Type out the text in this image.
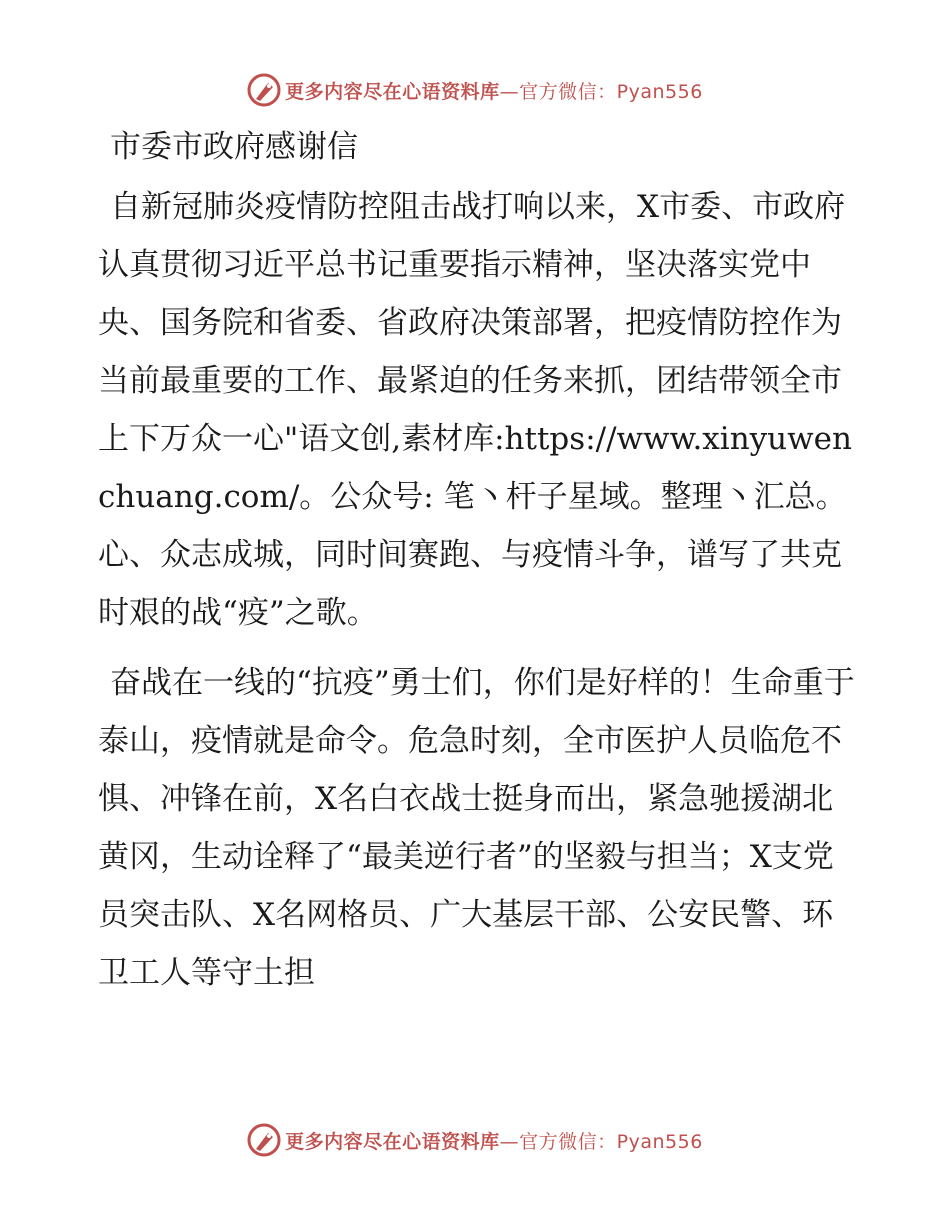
更多内容尽在心语资料库—官方微信：Pyan556
市委市政府感谢信

自新冠肺炎疫情防控阻击战打响以来，X市委、市政府认真贯彻习近平总书记重要指示精神，坚决落实党中央、国务院和省委、省政府决策部署，把疫情防控作为当前最重要的工作、最紧迫的任务来抓，团结带领全市上下万众一心"语文创,素材库:https://www.xinyuwenchuang.com/。公众号: 笔丶杆子星域。整理丶汇总。心、众志成城，同时间赛跑、与疫情斗争，谱写了共克时艰的战“疫”之歌。

奋战在一线的“抗疫”勇士们，你们是好样的！生命重于泰山，疫情就是命令。危急时刻，全市医护人员临危不惧、冲锋在前，X名白衣战士挺身而出，紧急驰援湖北黄冈，生动诠释了“最美逆行者”的坚毅与担当；X支党员突击队、X名网格员、广大基层干部、公安民警、环卫工人等守土担

更多内容尽在心语资料库—官方微信：Pyan556
